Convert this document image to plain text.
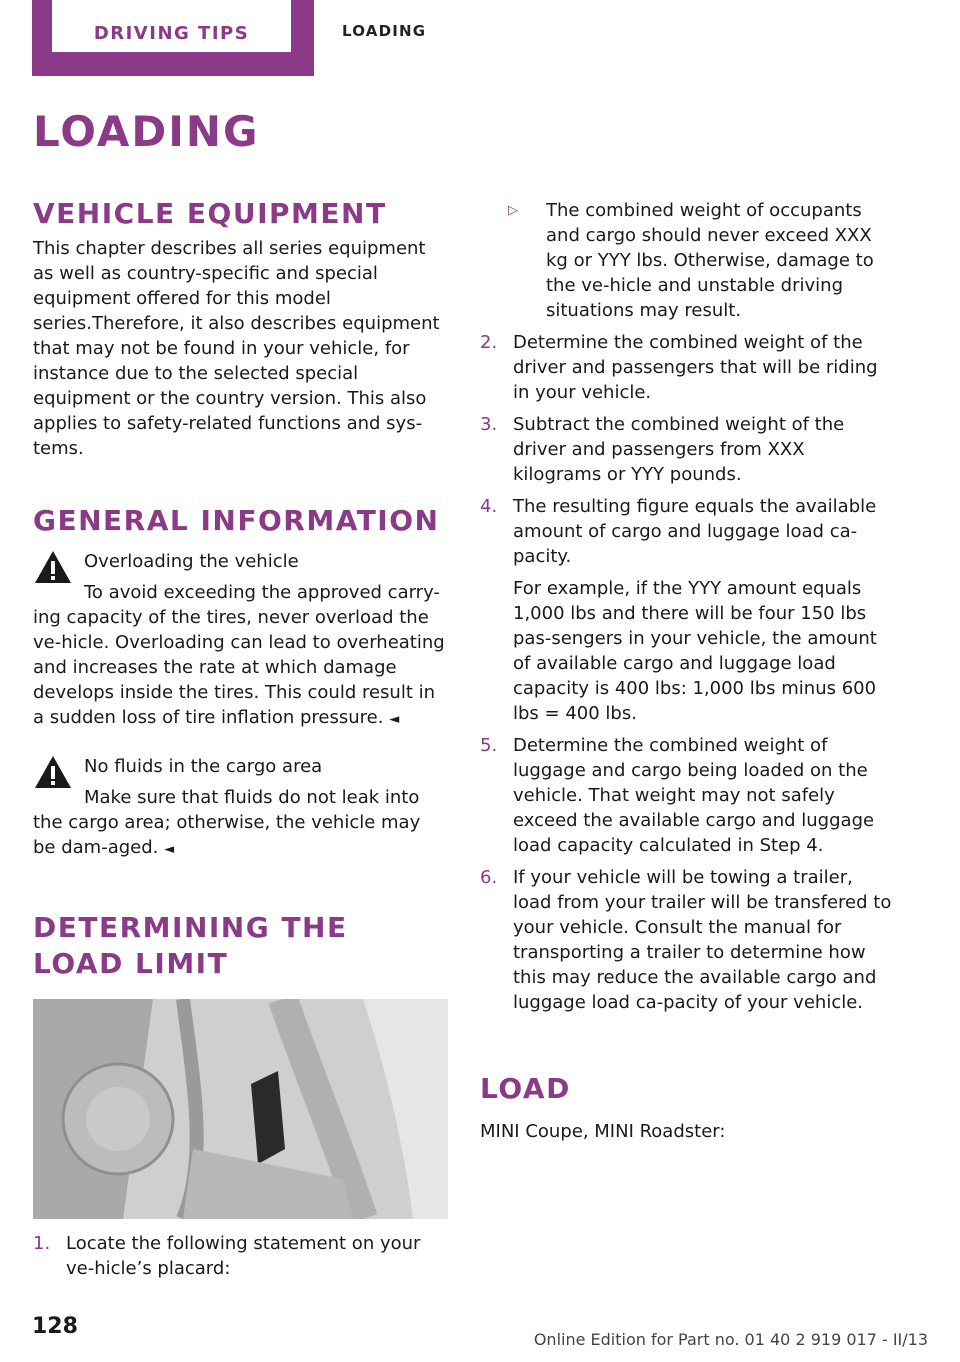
DRIVING TIPS	LOADING
LOADING
VEHICLE EQUIPMENT

This chapter describes all series equipment as well as country-specific and special equipment offered for this model series.Therefore, it also describes equipment that may not be found in your vehicle, for instance due to the selected special equipment or the country version. This also applies to safety-related functions and sys-tems.

GENERAL INFORMATION
Overloading the vehicle

To avoid exceeding the approved carry-ing capacity of the tires, never overload the ve-hicle. Overloading can lead to overheating and increases the rate at which damage develops inside the tires. This could result in a sudden loss of tire inflation pressure. ◄

No fluids in the cargo area

Make sure that fluids do not leak into the cargo area; otherwise, the vehicle may be dam-aged. ◄

DETERMINING THE LOAD LIMIT
1. Locate the following statement on your ve-hicle’s placard:
▷ The combined weight of occupants and cargo should never exceed XXX kg or YYY lbs. Otherwise, damage to the ve-hicle and unstable driving situations may result.
2. Determine the combined weight of the driver and passengers that will be riding in your vehicle.
3. Subtract the combined weight of the driver and passengers from XXX kilograms or YYY pounds.
4. The resulting figure equals the available amount of cargo and luggage load ca-pacity.
For example, if the YYY amount equals 1,000 lbs and there will be four 150 lbs pas-sengers in your vehicle, the amount of available cargo and luggage load capacity is 400 lbs: 1,000 lbs minus 600 lbs = 400 lbs.
5. Determine the combined weight of luggage and cargo being loaded on the vehicle. That weight may not safely exceed the available cargo and luggage load capacity calculated in Step 4.
6. If your vehicle will be towing a trailer, load from your trailer will be transfered to your vehicle. Consult the manual for transporting a trailer to determine how this may reduce the available cargo and luggage load ca-pacity of your vehicle.
LOAD

MINI Coupe, MINI Roadster:

128
Online Edition for Part no. 01 40 2 919 017 - II/13
